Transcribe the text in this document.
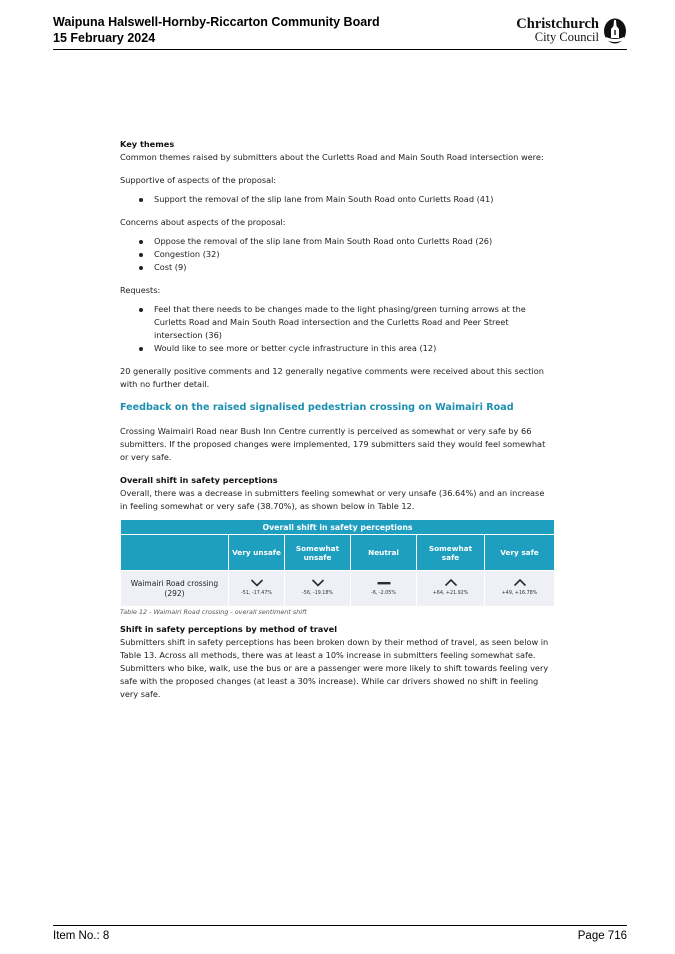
Waipuna Halswell-Hornby-Riccarton Community Board
15 February 2024
Christchurch
City Council

Key themes

Common themes raised by submitters about the Curletts Road and Main South Road intersection were:

Supportive of aspects of the proposal:

Support the removal of the slip lane from Main South Road onto Curletts Road (41)

Concerns about aspects of the proposal:

Oppose the removal of the slip lane from Main South Road onto Curletts Road (26)
Congestion (32)
Cost (9)

Requests:

Feel that there needs to be changes made to the light phasing/green turning arrows at the Curletts Road and Main South Road intersection and the Curletts Road and Peer Street intersection (36)
Would like to see more or better cycle infrastructure in this area (12)

20 generally positive comments and 12 generally negative comments were received about this section with no further detail.

Feedback on the raised signalised pedestrian crossing on Waimairi Road

Crossing Waimairi Road near Bush Inn Centre currently is perceived as somewhat or very safe by 66 submitters. If the proposed changes were implemented, 179 submitters said they would feel somewhat or very safe.

Overall shift in safety perceptions

Overall, there was a decrease in submitters feeling somewhat or very unsafe (36.64%) and an increase in feeling somewhat or very safe (38.70%), as shown below in Table 12.

Overall shift in safety perceptions					
	Very unsafe	Somewhat unsafe	Neutral	Somewhat safe	Very safe
Waimairi Road crossing (292)	-51, -17.47%	-56, -19.18%	-6, -2.05%	+64, +21.92%	+49, +16.78%

Table 12 - Waimairi Road crossing - overall sentiment shift

Shift in safety perceptions by method of travel

Submitters shift in safety perceptions has been broken down by their method of travel, as seen below in Table 13. Across all methods, there was at least a 10% increase in submitters feeling somewhat safe. Submitters who bike, walk, use the bus or are a passenger were more likely to shift towards feeling very safe with the proposed changes (at least a 30% increase). While car drivers showed no shift in feeling very safe.

Item No.: 8	Page 716
